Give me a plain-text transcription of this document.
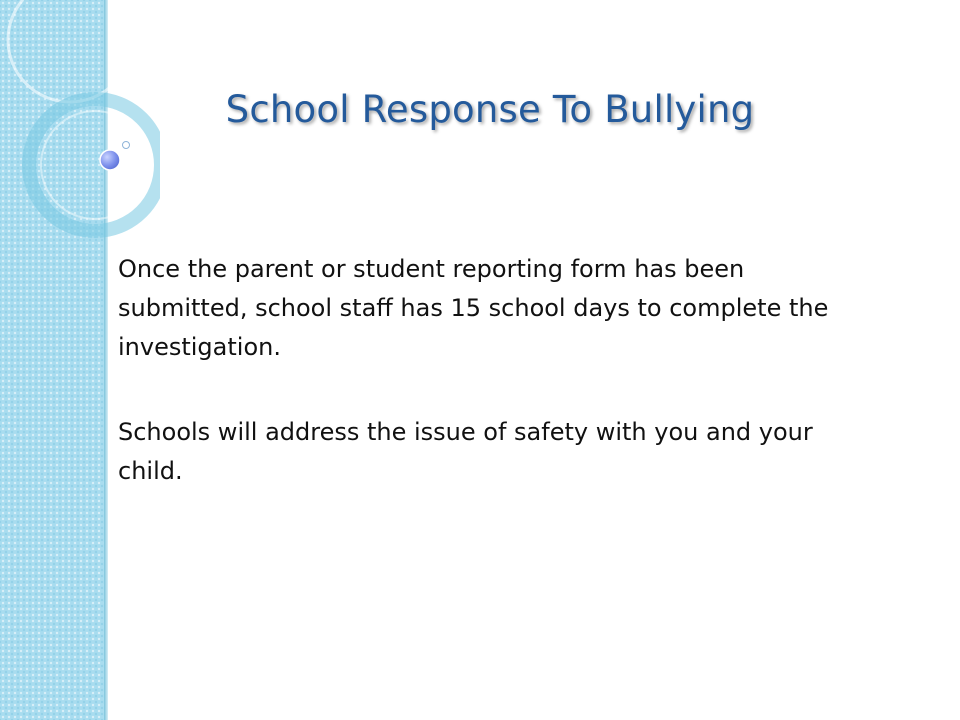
School Response To Bullying

Once the parent or student reporting form has been submitted, school staff has 15 school days to complete the investigation.

Schools will address the issue of safety with you and your child.
